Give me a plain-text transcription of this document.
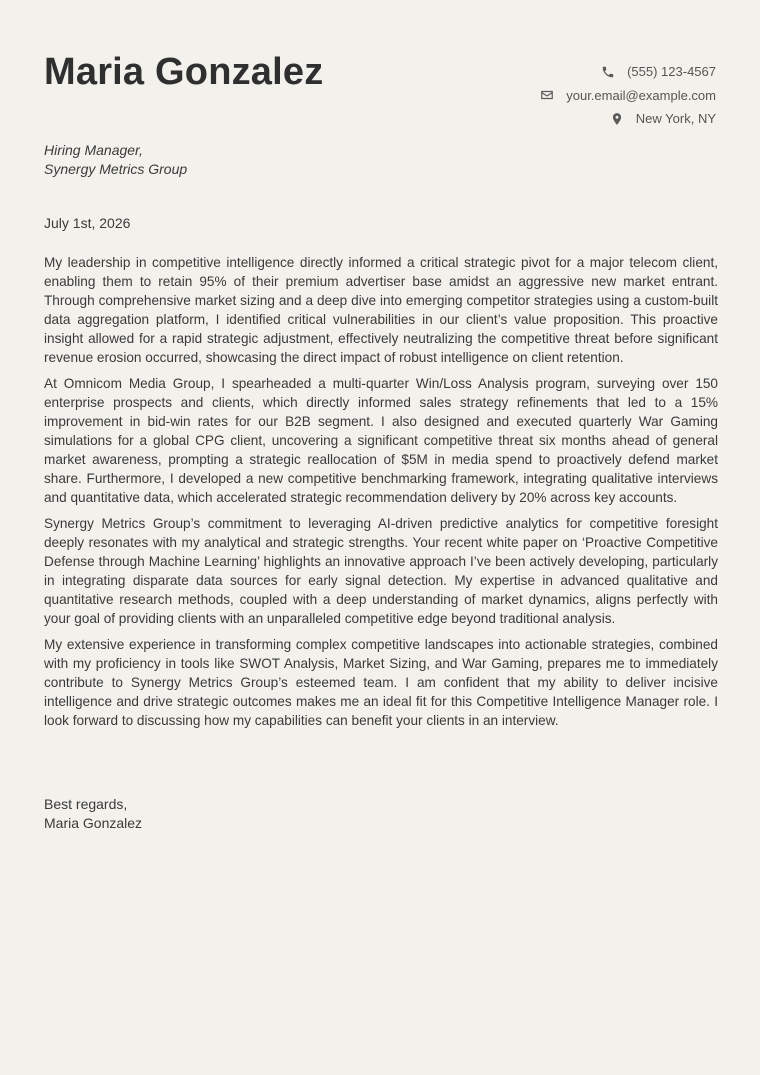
Maria Gonzalez	(555) 123-4567
your.email@example.com
New York, NY
Hiring Manager,
Synergy Metrics Group
July 1st, 2026

My leadership in competitive intelligence directly informed a critical strategic pivot for a major telecom client, enabling them to retain 95% of their premium advertiser base amidst an aggressive new market entrant. Through comprehensive market sizing and a deep dive into emerging competitor strategies using a custom-built data aggregation platform, I identified critical vulnerabilities in our client’s value proposition. This proactive insight allowed for a rapid strategic adjustment, effectively neutralizing the competitive threat before significant revenue erosion occurred, showcasing the direct impact of robust intelligence on client retention.

At Omnicom Media Group, I spearheaded a multi-quarter Win/Loss Analysis program, surveying over 150 enterprise prospects and clients, which directly informed sales strategy refinements that led to a 15% improvement in bid-win rates for our B2B segment. I also designed and executed quarterly War Gaming simulations for a global CPG client, uncovering a significant competitive threat six months ahead of general market awareness, prompting a strategic reallocation of $5M in media spend to proactively defend market share. Furthermore, I developed a new competitive benchmarking framework, integrating qualitative interviews and quantitative data, which accelerated strategic recommendation delivery by 20% across key accounts.

Synergy Metrics Group’s commitment to leveraging AI-driven predictive analytics for competitive foresight deeply resonates with my analytical and strategic strengths. Your recent white paper on ‘Proactive Competitive Defense through Machine Learning’ highlights an innovative approach I’ve been actively developing, particularly in integrating disparate data sources for early signal detection. My expertise in advanced qualitative and quantitative research methods, coupled with a deep understanding of market dynamics, aligns perfectly with your goal of providing clients with an unparalleled competitive edge beyond traditional analysis.

My extensive experience in transforming complex competitive landscapes into actionable strategies, combined with my proficiency in tools like SWOT Analysis, Market Sizing, and War Gaming, prepares me to immediately contribute to Synergy Metrics Group’s esteemed team. I am confident that my ability to deliver incisive intelligence and drive strategic outcomes makes me an ideal fit for this Competitive Intelligence Manager role. I look forward to discussing how my capabilities can benefit your clients in an interview.

Best regards,
Maria Gonzalez
